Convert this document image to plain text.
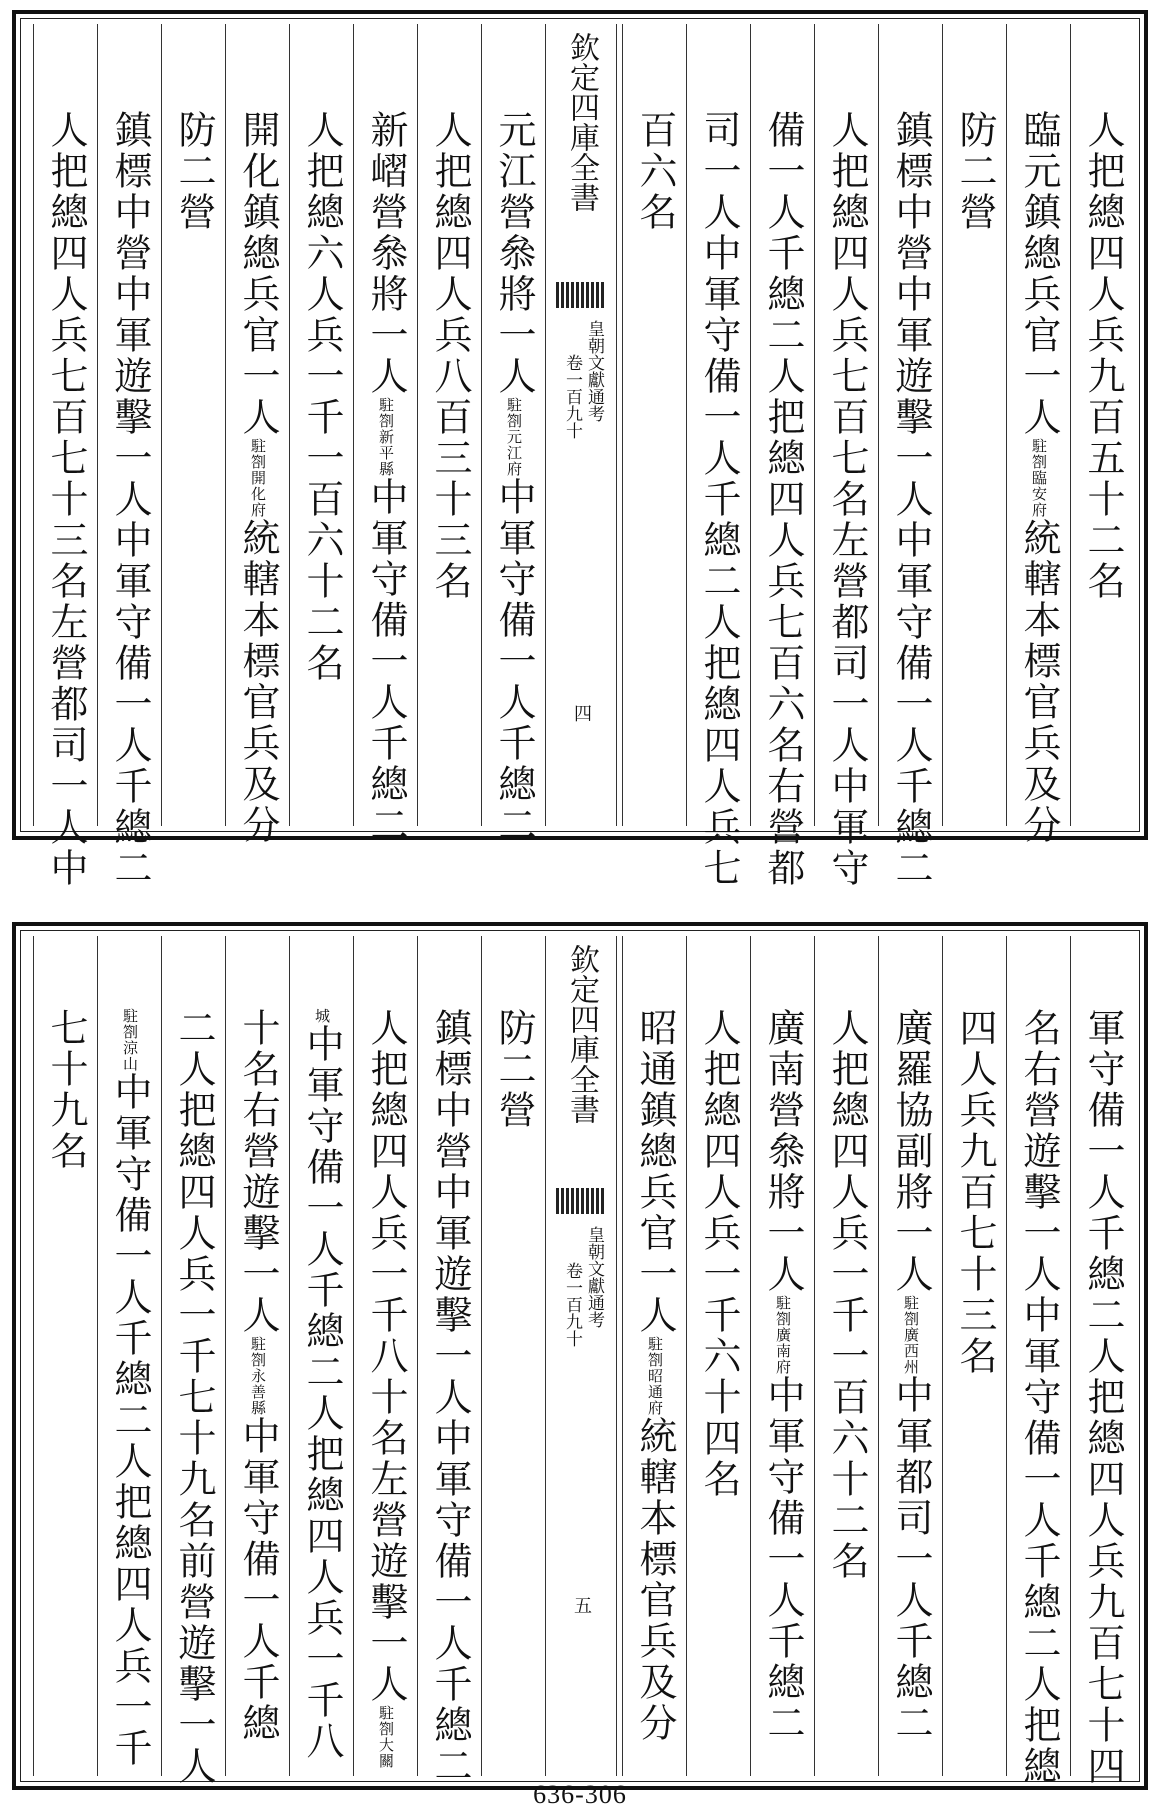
人把總四人兵九百五十二名
臨元鎮總兵官一人駐劄臨安府統轄本標官兵及分
防二營
鎮標中營中軍遊擊一人中軍守備一人千總二
人把總四人兵七百七名左營都司一人中軍守
備一人千總二人把總四人兵七百六名右營都
司一人中軍守備一人千總二人把總四人兵七
百六名
元江營叅將一人駐劄元江府中軍守備一人千總二
人把總四人兵八百三十三名
新嶍營叅將一人駐劄新平縣中軍守備一人千總二
人把總六人兵一千一百六十二名
開化鎮總兵官一人駐劄開化府統轄本標官兵及分
防二營
鎮標中營中軍遊擊一人中軍守備一人千總二
人把總四人兵七百七十三名左營都司一人中	欽定四庫全書
皇朝文獻通考
卷一百九十
四
軍守備一人千總二人把總四人兵九百七十四
名右營遊擊一人中軍守備一人千總二人把總
四人兵九百七十三名
廣羅協副將一人駐劄廣西州中軍都司一人千總二
人把總四人兵一千一百六十二名
廣南營叅將一人駐劄廣南府中軍守備一人千總二
人把總四人兵一千六十四名
昭通鎮總兵官一人駐劄昭通府統轄本標官兵及分
防二營
鎮標中營中軍遊擊一人中軍守備一人千總二
人把總四人兵一千八十名左營遊擊一人駐劄大關
城中軍守備一人千總二人把總四人兵一千八
十名右營遊擊一人駐劄永善縣中軍守備一人千總
二人把總四人兵一千七十九名前營遊擊一人
駐劄涼山中軍守備一人千總二人把總四人兵一千
七十九名	欽定四庫全書
皇朝文獻通考
卷一百九十
五
636-306
